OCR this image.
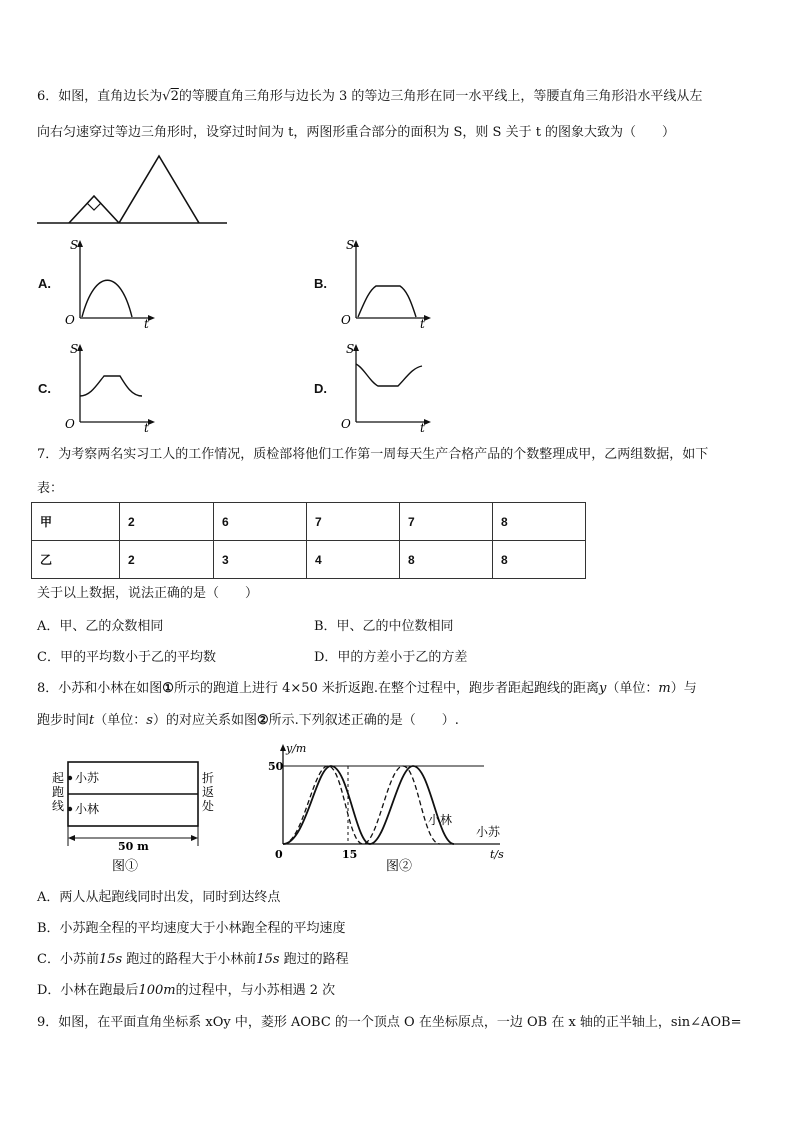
6．如图，直角边长为√2的等腰直角三角形与边长为 3 的等边三角形在同一水平线上，等腰直角三角形沿水平线从左
向右匀速穿过等边三角形时，设穿过时间为 t，两图形重合部分的面积为 S，则 S 关于 t 的图象大致为（　　）
A.
S
O	t
B.
S
O	t
C.
S
O	t
D.
S
O	t
7．为考察两名实习工人的工作情况，质检部将他们工作第一周每天生产合格产品的个数整理成甲，乙两组数据，如下
表：
甲	2	6	7	7	8
乙	2	3	4	8	8
关于以上数据，说法正确的是（　　）
A．甲、乙的众数相同	B．甲、乙的中位数相同
C．甲的平均数小于乙的平均数	D．甲的方差小于乙的方差
8．小苏和小林在如图①所示的跑道上进行 4×50 米折返跑.在整个过程中，跑步者距起跑线的距离y（单位：m）与
跑步时间t（单位：s）的对应关系如图②所示.下列叙述正确的是（　　）.
起
跑
线
折
返
处
小苏
小林
50 m
图①
y/m
50
0	15	t/s
小苏
小林
图②
A．两人从起跑线同时出发，同时到达终点
B．小苏跑全程的平均速度大于小林跑全程的平均速度
C．小苏前15s 跑过的路程大于小林前15s 跑过的路程
D．小林在跑最后100m的过程中，与小苏相遇 2 次
9．如图，在平面直角坐标系 xOy 中，菱形 AOBC 的一个顶点 O 在坐标原点，一边 OB 在 x 轴的正半轴上，sin∠AOB=
